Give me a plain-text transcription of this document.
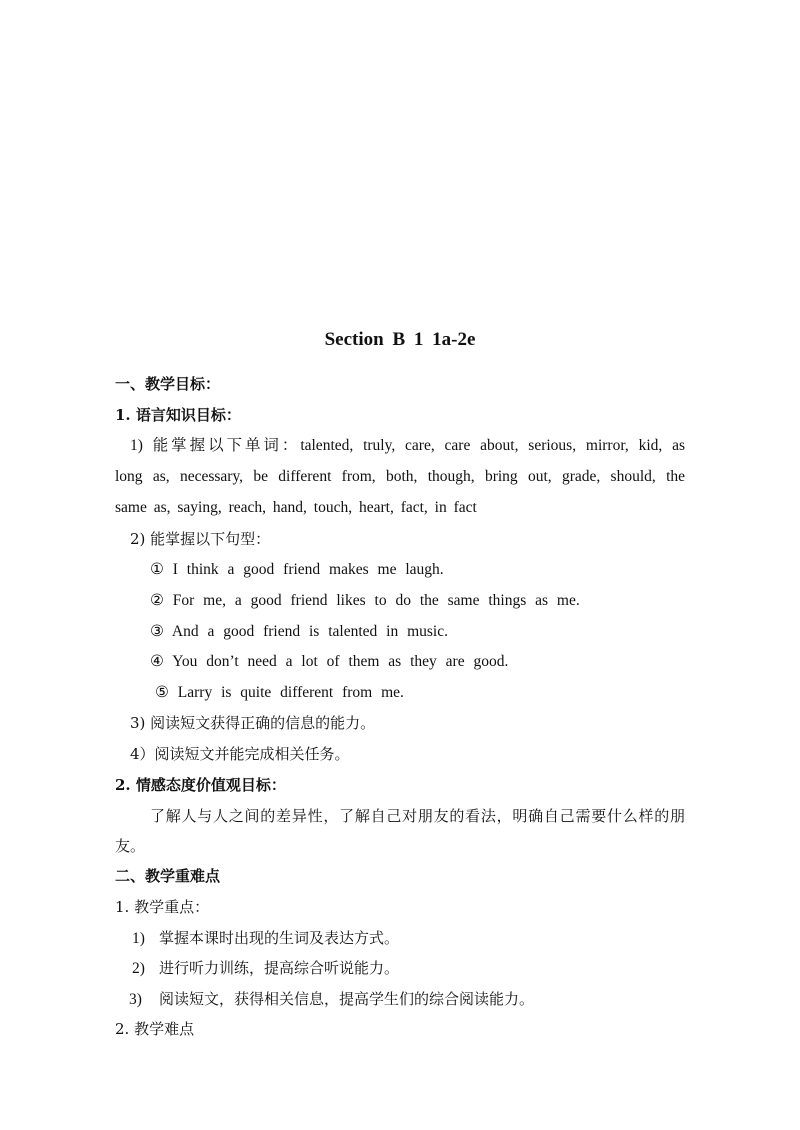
Section B 1 1a-2e
一、教学目标：
1. 语言知识目标：
1) 能掌握以下单词：talented, truly, care, care about, serious, mirror, kid, as
long as, necessary, be different from, both, though, bring out, grade, should, the
same as, saying, reach, hand, touch, heart, fact, in fact
2) 能掌握以下句型：
① I think a good friend makes me laugh.
② For me, a good friend likes to do the same things as me.
③ And a good friend is talented in music.
④ You don’t need a lot of them as they are good.
⑤ Larry is quite different from me.
3) 阅读短文获得正确的信息的能力。
4）阅读短文并能完成相关任务。
2. 情感态度价值观目标：
了解人与人之间的差异性，了解自己对朋友的看法，明确自己需要什么样的朋
友。
二、教学重难点
1. 教学重点：
1) 掌握本课时出现的生词及表达方式。
2) 进行听力训练，提高综合听说能力。
3) 阅读短文，获得相关信息，提高学生们的综合阅读能力。
2. 教学难点
